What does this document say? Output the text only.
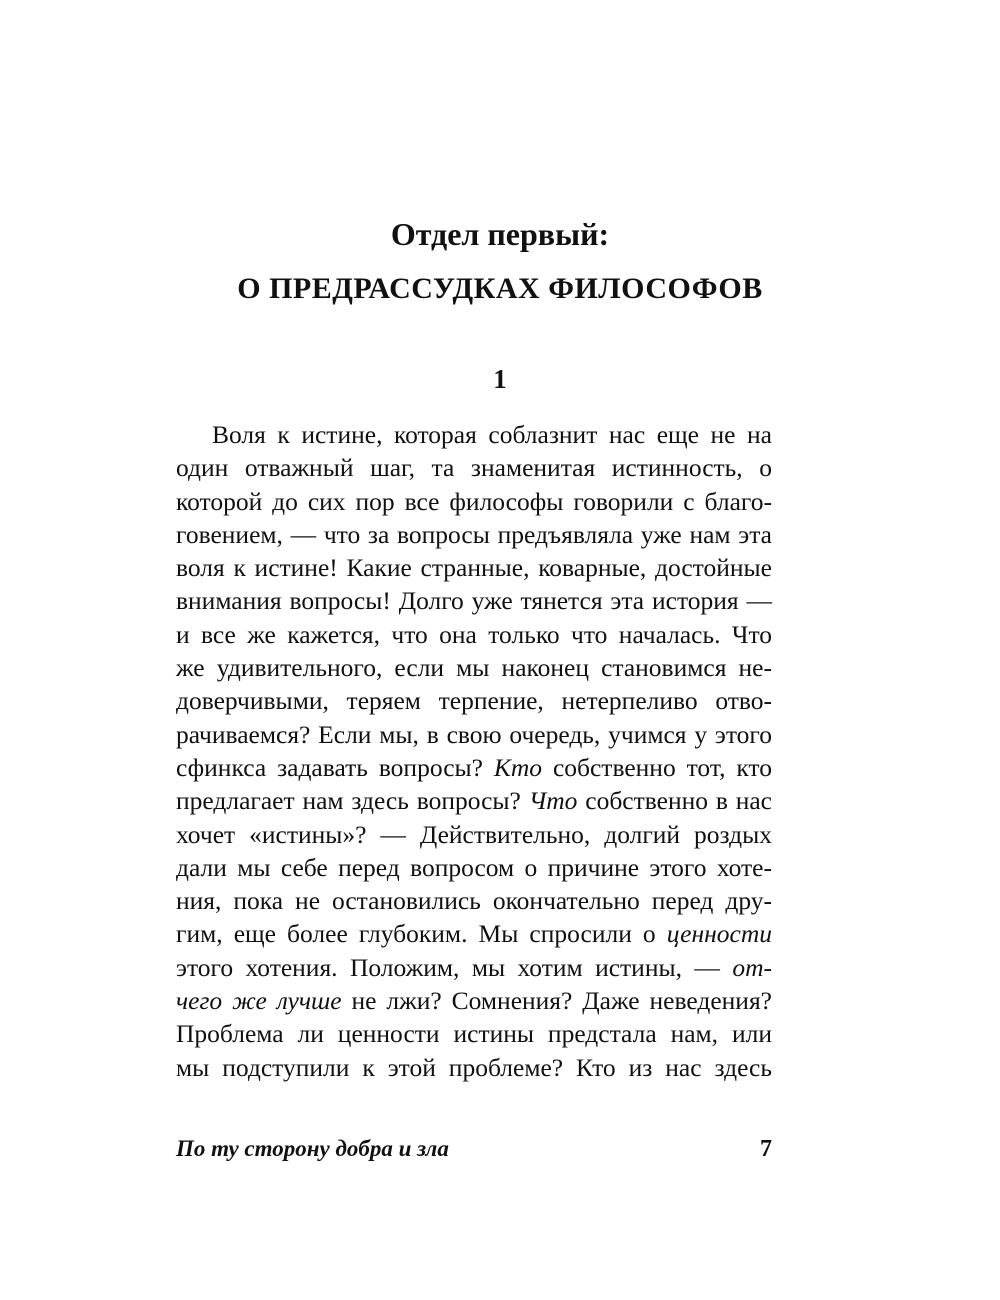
Отдел первый:
О ПРЕДРАССУДКАХ ФИЛОСОФОВ
1
Воля к истине, которая соблазнит нас еще не на
один отважный шаг, та знаменитая истинность, о
которой до сих пор все философы говорили с благо-
говением, — что за вопросы предъявляла уже нам эта
воля к истине! Какие странные, коварные, достойные
внимания вопросы! Долго уже тянется эта история —
и все же кажется, что она только что началась. Что
же удивительного, если мы наконец становимся не-
доверчивыми, теряем терпение, нетерпеливо отво-
рачиваемся? Если мы, в свою очередь, учимся у этого
сфинкса задавать вопросы? Кто собственно тот, кто
предлагает нам здесь вопросы? Что собственно в нас
хочет «истины»? — Действительно, долгий роздых
дали мы себе перед вопросом о причине этого хоте-
ния, пока не остановились окончательно перед дру-
гим, еще более глубоким. Мы спросили о ценности
этого хотения. Положим, мы хотим истины, — от-
чего же лучше не лжи? Сомнения? Даже неведения?
Проблема ли ценности истины предстала нам, или
мы подступили к этой проблеме? Кто из нас здесь
По ту сторону добра и зла	7
